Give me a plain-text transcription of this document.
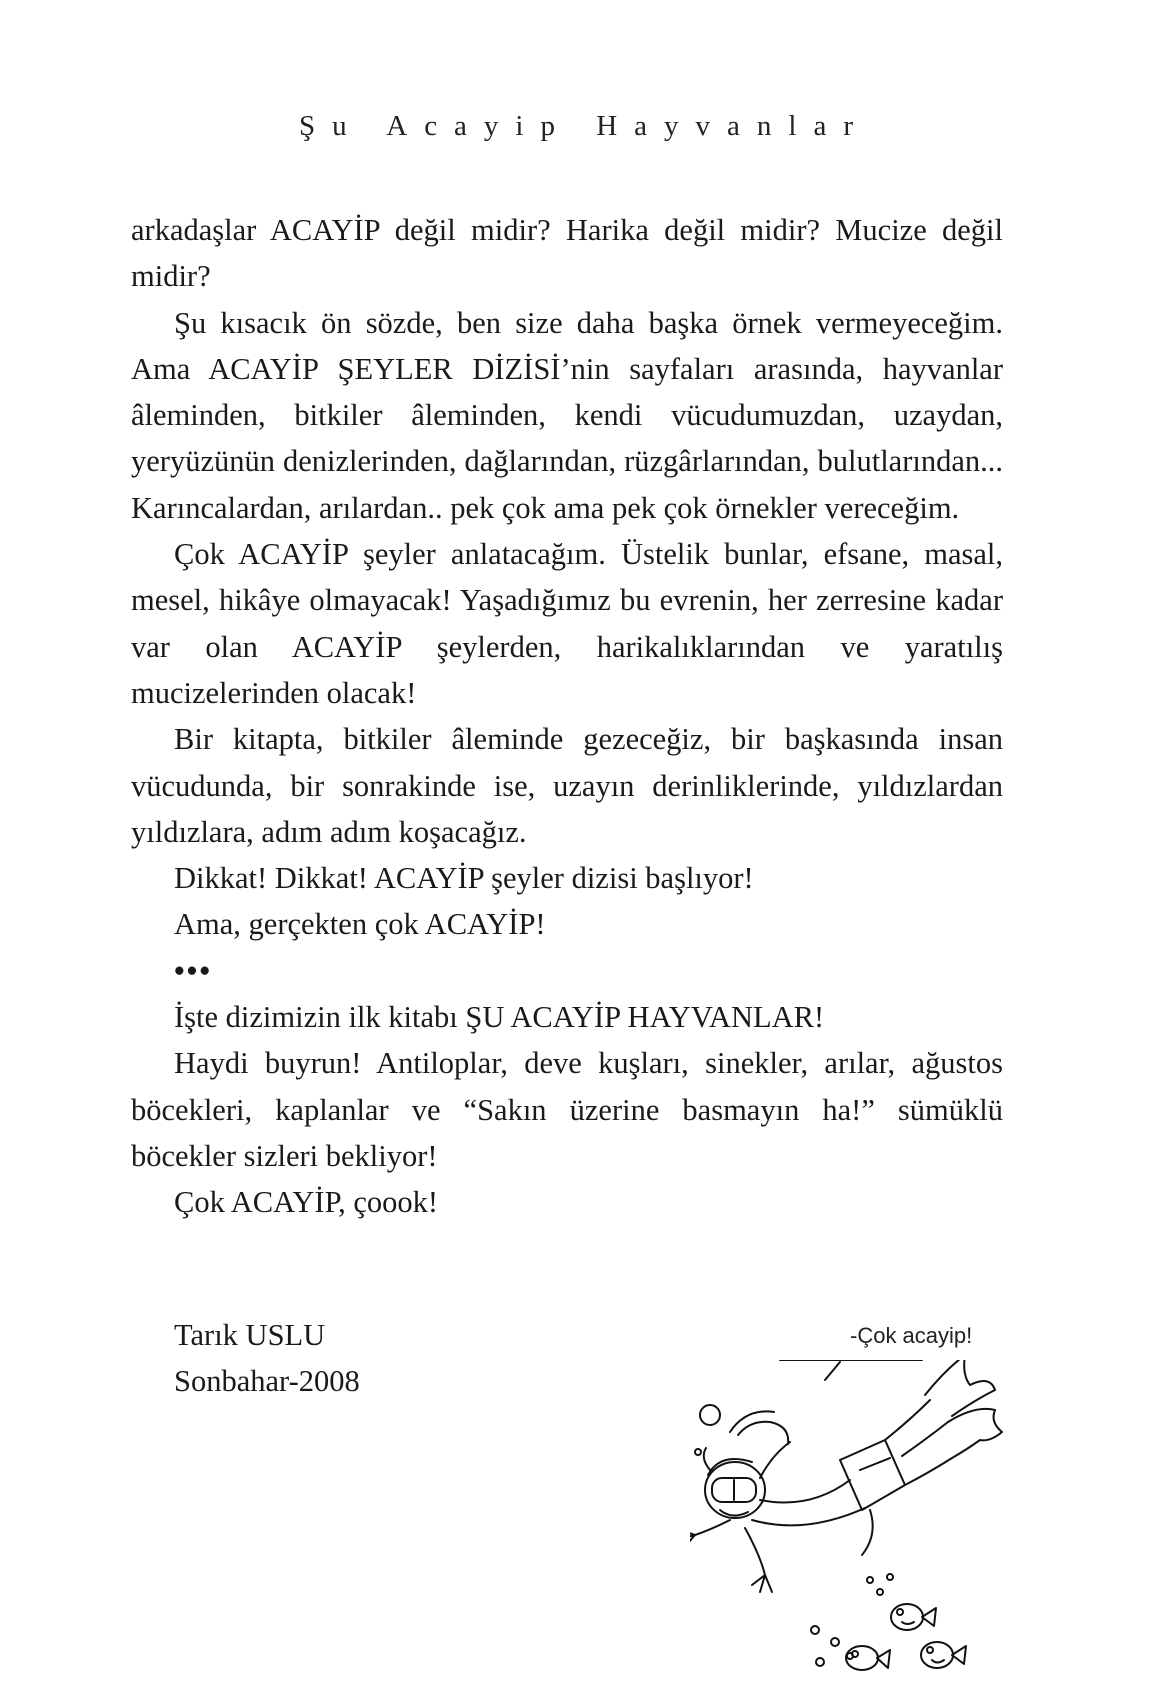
Şu Acayip Hayvanlar

arkadaşlar ACAYİP değil midir? Harika değil midir? Mucize değil midir?

Şu kısacık ön sözde, ben size daha başka örnek vermeyeceğim. Ama ACAYİP ŞEYLER DİZİSİ’nin sayfaları arasında, hayvanlar âleminden, bitkiler âleminden, kendi vücudumuzdan, uzaydan, yeryüzünün denizlerinden, dağlarından, rüzgârlarından, bulutlarından... Karıncalardan, arılardan.. pek çok ama pek çok örnekler vereceğim.

Çok ACAYİP şeyler anlatacağım. Üstelik bunlar, efsane, masal, mesel, hikâye olmayacak! Yaşadığımız bu evrenin, her zerresine kadar var olan ACAYİP şeylerden, harikalıklarından ve yaratılış mucizelerinden olacak!

Bir kitapta, bitkiler âleminde gezeceğiz, bir başkasında insan vücudunda, bir sonrakinde ise, uzayın derinliklerinde, yıldızlardan yıldızlara, adım adım koşacağız.

Dikkat! Dikkat! ACAYİP şeyler dizisi başlıyor!

Ama, gerçekten çok ACAYİP!

•••

İşte dizimizin ilk kitabı ŞU ACAYİP HAYVANLAR!

Haydi buyrun! Antiloplar, deve kuşları, sinekler, arılar, ağustos böcekleri, kaplanlar ve “Sakın üzerine basmayın ha!” sümüklü böcekler sizleri bekliyor!

Çok ACAYİP, çoook!

Tarık USLU
Sonbahar-2008
-Çok acayip!
